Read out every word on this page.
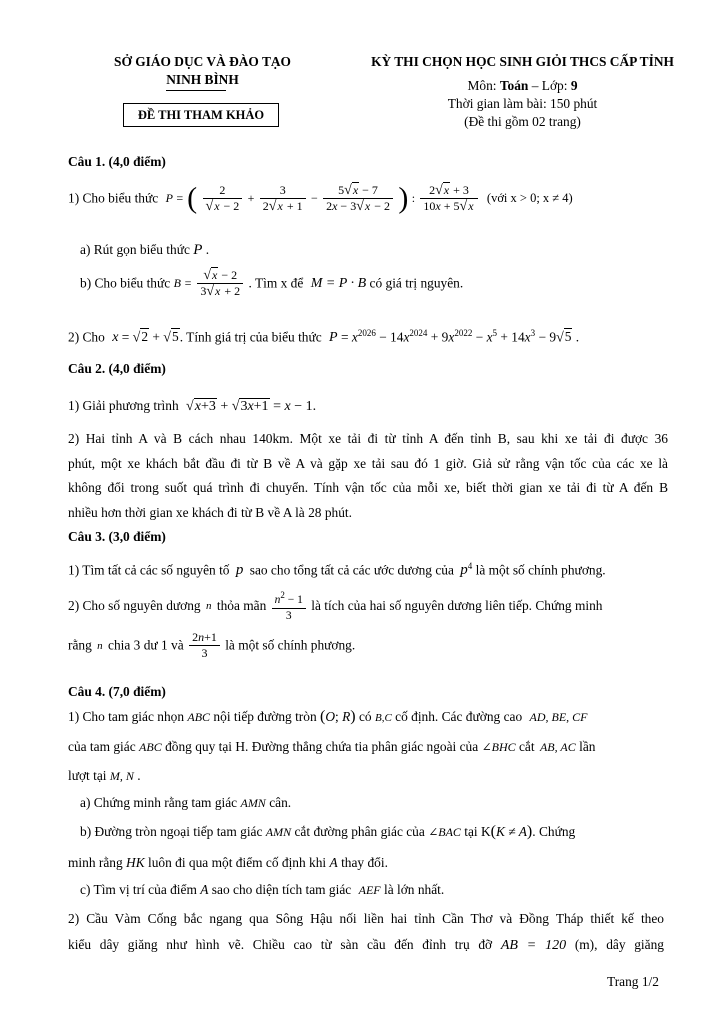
SỞ GIÁO DỤC VÀ ĐÀO TẠO
NINH BÌNH
ĐỀ THI THAM KHẢO
KỲ THI CHỌN HỌC SINH GIỎI THCS CẤP TỈNH
Môn: Toán – Lớp: 9
Thời gian làm bài: 150 phút
(Đề thi gồm 02 trang)
Câu 1. (4,0 điểm)
1) Cho biểu thức P = ( $\frac{2}{√x - 2} + \frac{3}{2√x + 1} - \frac{5√x - 7}{2x - 3√x - 2}$ ) : $\frac{2√x + 3}{10x + 5√x}$ (với x > 0; x ≠ 4)
a) Rút gọn biểu thức P .
b) Cho biểu thức $B = \frac{√x - 2}{3√x + 2}$ . Tìm x để M = P · B có giá trị nguyên.
2) Cho x = √2 + √5. Tính giá trị của biểu thức $P = x^{2026} - 14x^{2024} + 9x^{2022} - x^5 + 14x^3 - 9√5$ .
Câu 2. (4,0 điểm)
1) Giải phương trình √x+3 + √3x+1 = x − 1.
2) Hai tỉnh A và B cách nhau 140km. Một xe tải đi từ tỉnh A đến tỉnh B, sau khi xe tải đi được 36
phút, một xe khách bắt đầu đi từ B về A và gặp xe tải sau đó 1 giờ. Giả sử rằng vận tốc của các xe là
không đổi trong suốt quá trình đi chuyển. Tính vận tốc của mỗi xe, biết thời gian xe tải đi từ A đến B
nhiều hơn thời gian xe khách đi từ B về A là 28 phút.
Câu 3. (3,0 điểm)
1) Tìm tất cả các số nguyên tố p sao cho tổng tất cả các ước dương của $p^4$ là một số chính phương.
2) Cho số nguyên dương n thỏa mãn $\frac{n^2 - 1}{3}$ là tích của hai số nguyên dương liên tiếp. Chứng minh
rằng n chia 3 dư 1 và $\frac{2n+1}{3}$ là một số chính phương.
Câu 4. (7,0 điểm)
1) Cho tam giác nhọn ABC nội tiếp đường tròn (O; R) có B,C cố định. Các đường cao AD, BE, CF
của tam giác ABC đồng quy tại H. Đường thẳng chứa tia phân giác ngoài của ∠BHC cắt AB, AC lần
lượt tại M, N .
a) Chứng minh rằng tam giác AMN cân.
b) Đường tròn ngoại tiếp tam giác AMN cắt đường phân giác của ∠BAC tại K(K ≠ A). Chứng
minh rằng HK luôn đi qua một điểm cố định khi A thay đổi.
c) Tìm vị trí của điểm A sao cho diện tích tam giác AEF là lớn nhất.
2) Cầu Vàm Cống bắc ngang qua Sông Hậu nối liền hai tỉnh Cần Thơ và Đồng Tháp thiết kế theo
kiểu dây giăng như hình vẽ. Chiều cao từ sàn cầu đến đỉnh trụ đỡ AB = 120 (m), dây giăng
Trang 1/2
